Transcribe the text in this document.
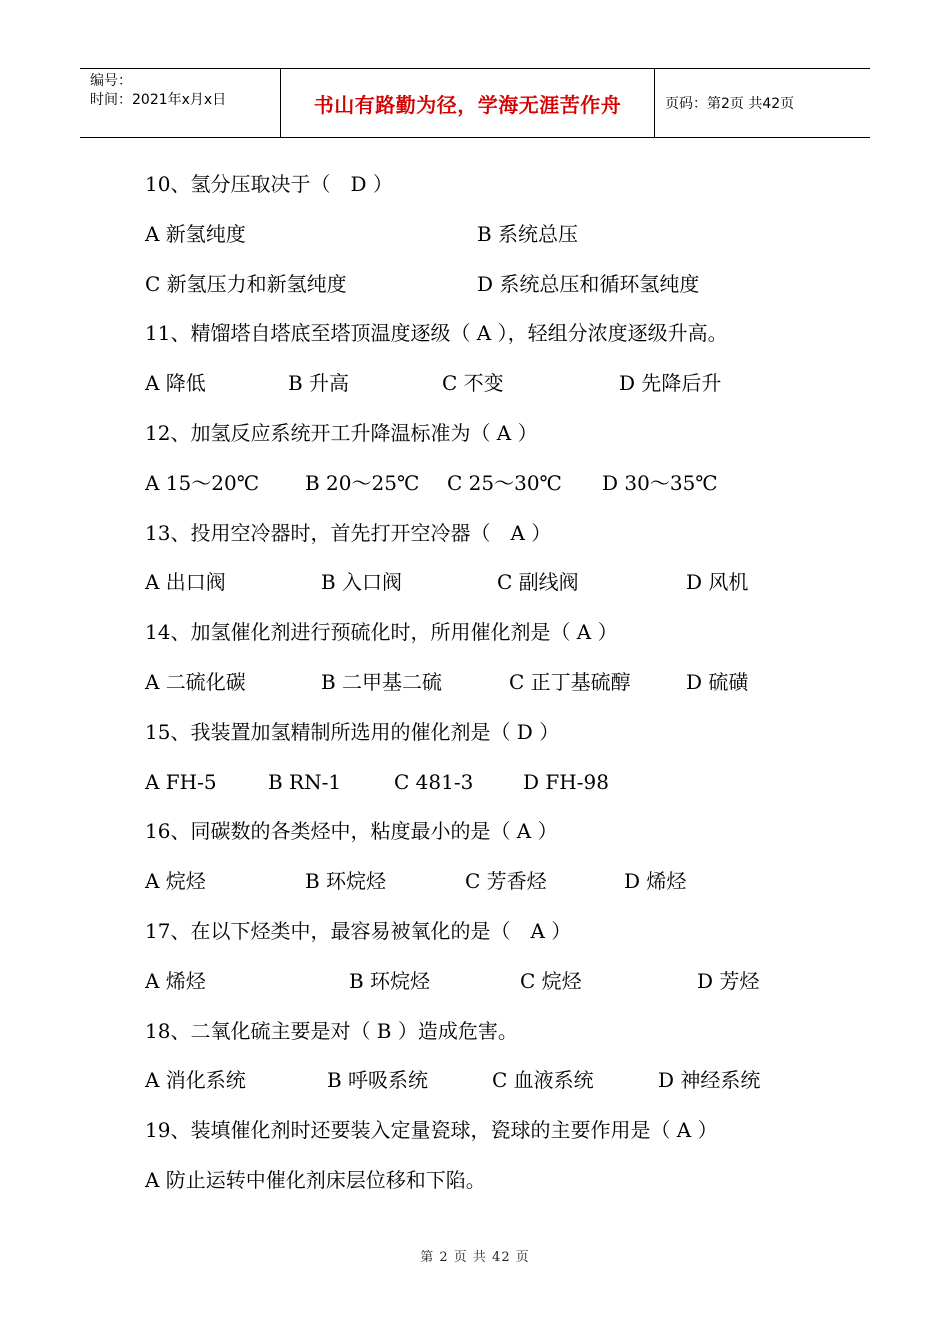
编号：
时间：2021年x月x日	书山有路勤为径，学海无涯苦作舟	页码：第2页 共42页
10、氢分压取决于（　D ）
A 新氢纯度	B 系统总压
C 新氢压力和新氢纯度	D 系统总压和循环氢纯度
11、精馏塔自塔底至塔顶温度逐级（ A ），轻组分浓度逐级升高。
A 降低	B 升高	C 不变	D 先降后升
12、加氢反应系统开工升降温标准为（ A ）
A 15～20℃ B 20～25℃ C 25～30℃ D 30～35℃
13、投用空冷器时，首先打开空冷器（　A ）
A 出口阀	B 入口阀	C 副线阀	D 风机
14、加氢催化剂进行预硫化时，所用催化剂是（ A ）
A 二硫化碳	B 二甲基二硫	C 正丁基硫醇	D 硫磺
15、我装置加氢精制所选用的催化剂是（ D ）
A FH-5	B RN-1	C 481-3 D FH-98
16、同碳数的各类烃中，粘度最小的是（ A ）
A 烷烃	B 环烷烃	C 芳香烃	D 烯烃
17、在以下烃类中，最容易被氧化的是（　A ）
A 烯烃	B 环烷烃	C 烷烃	D 芳烃
18、二氧化硫主要是对（ B ）造成危害。
A 消化系统	B 呼吸系统	C 血液系统	D 神经系统
19、装填催化剂时还要装入定量瓷球，瓷球的主要作用是（ A ）
A 防止运转中催化剂床层位移和下陷。
第 2 页 共 42 页
